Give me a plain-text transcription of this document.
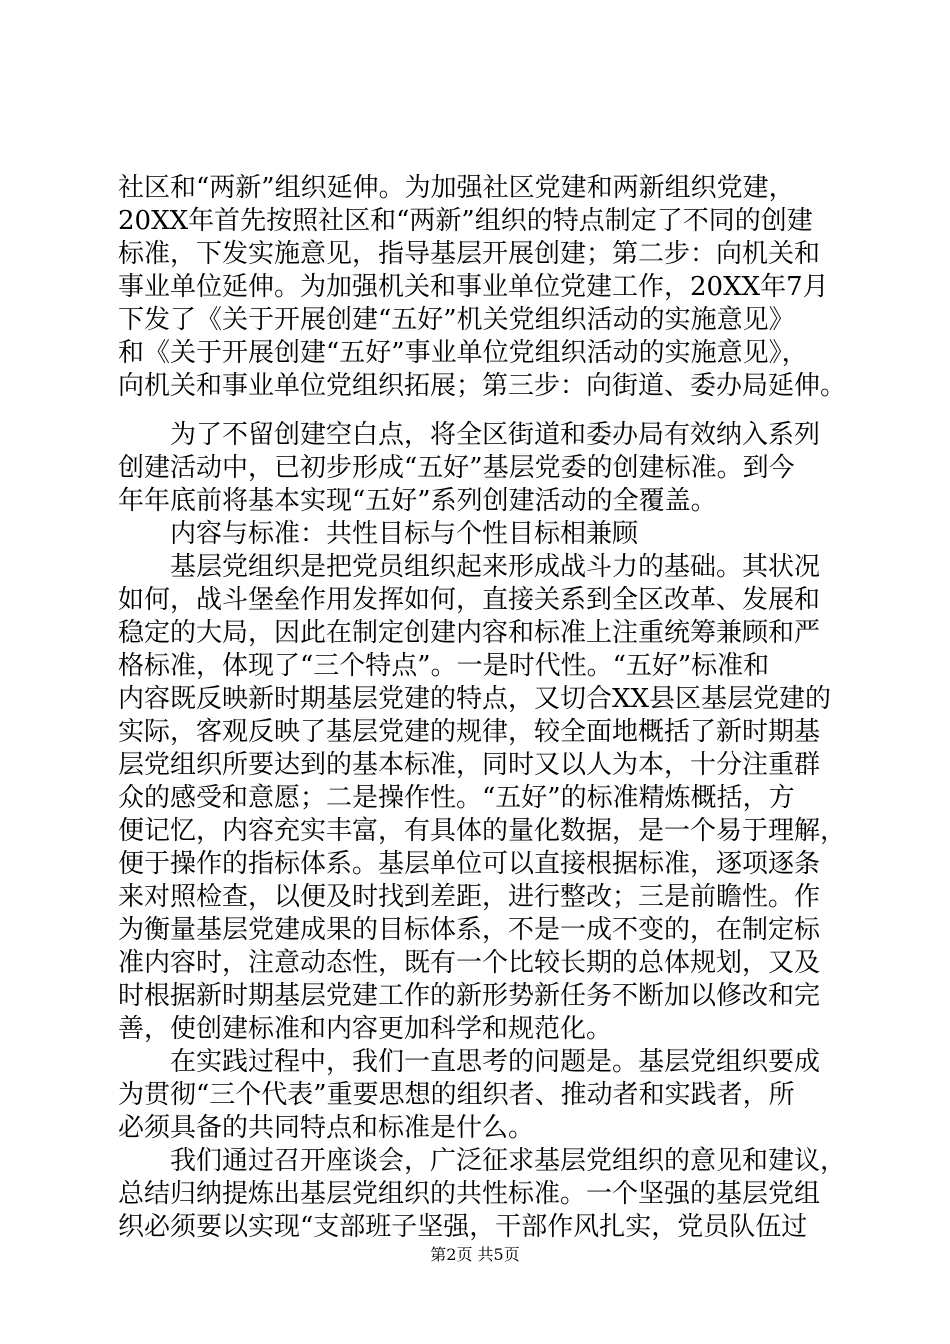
社区和“两新”组织延伸。为加强社区党建和两新组织党建，
20XX年首先按照社区和“两新”组织的特点制定了不同的创建
标准，下发实施意见，指导基层开展创建；第二步：向机关和
事业单位延伸。为加强机关和事业单位党建工作，20XX年7月
下发了《关于开展创建“五好”机关党组织活动的实施意见》
和《关于开展创建“五好”事业单位党组织活动的实施意见》，
向机关和事业单位党组织拓展；第三步：向街道、委办局延伸。
　　为了不留创建空白点，将全区街道和委办局有效纳入系列
创建活动中，已初步形成“五好”基层党委的创建标准。到今
年年底前将基本实现“五好”系列创建活动的全覆盖。
　　内容与标准：共性目标与个性目标相兼顾
　　基层党组织是把党员组织起来形成战斗力的基础。其状况
如何，战斗堡垒作用发挥如何，直接关系到全区改革、发展和
稳定的大局，因此在制定创建内容和标准上注重统筹兼顾和严
格标准，体现了“三个特点”。一是时代性。“五好”标准和
内容既反映新时期基层党建的特点，又切合XX县区基层党建的
实际，客观反映了基层党建的规律，较全面地概括了新时期基
层党组织所要达到的基本标准，同时又以人为本，十分注重群
众的感受和意愿；二是操作性。“五好”的标准精炼概括，方
便记忆，内容充实丰富，有具体的量化数据，是一个易于理解，
便于操作的指标体系。基层单位可以直接根据标准，逐项逐条
来对照检查，以便及时找到差距，进行整改；三是前瞻性。作
为衡量基层党建成果的目标体系，不是一成不变的，在制定标
准内容时，注意动态性，既有一个比较长期的总体规划，又及
时根据新时期基层党建工作的新形势新任务不断加以修改和完
善，使创建标准和内容更加科学和规范化。
　　在实践过程中，我们一直思考的问题是。基层党组织要成
为贯彻“三个代表”重要思想的组织者、推动者和实践者，所
必须具备的共同特点和标准是什么。
　　我们通过召开座谈会，广泛征求基层党组织的意见和建议，
总结归纳提炼出基层党组织的共性标准。一个坚强的基层党组
织必须要以实现“支部班子坚强，干部作风扎实，党员队伍过
第2页 共5页
